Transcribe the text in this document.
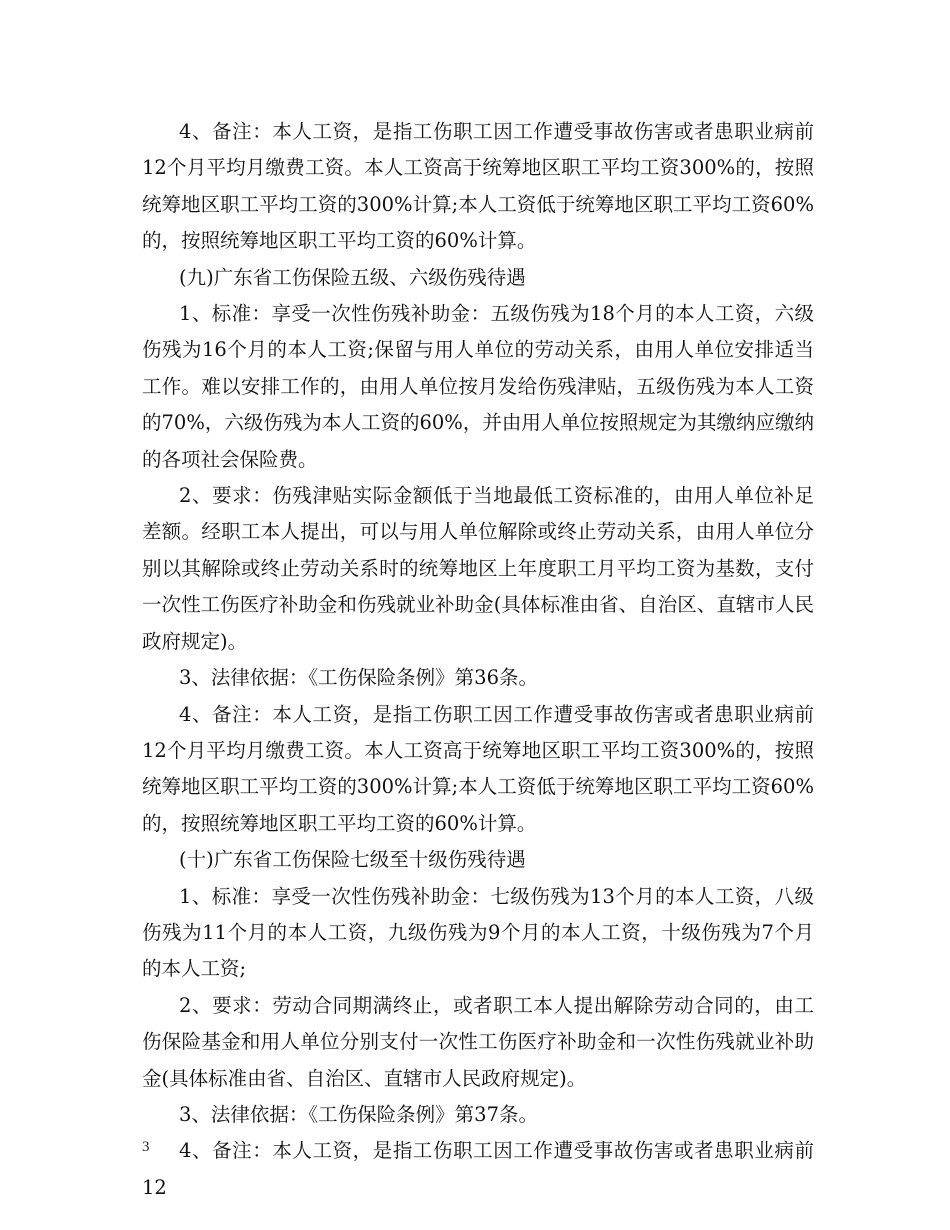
4、备注：本人工资，是指工伤职工因工作遭受事故伤害或者患职业病前12个月平均月缴费工资。本人工资高于统筹地区职工平均工资300%的，按照统筹地区职工平均工资的300%计算;本人工资低于统筹地区职工平均工资60%的，按照统筹地区职工平均工资的60%计算。

(九)广东省工伤保险五级、六级伤残待遇

1、标准：享受一次性伤残补助金：五级伤残为18个月的本人工资，六级伤残为16个月的本人工资;保留与用人单位的劳动关系，由用人单位安排适当工作。难以安排工作的，由用人单位按月发给伤残津贴，五级伤残为本人工资的70%，六级伤残为本人工资的60%，并由用人单位按照规定为其缴纳应缴纳的各项社会保险费。

2、要求：伤残津贴实际金额低于当地最低工资标准的，由用人单位补足差额。经职工本人提出，可以与用人单位解除或终止劳动关系，由用人单位分别以其解除或终止劳动关系时的统筹地区上年度职工月平均工资为基数，支付一次性工伤医疗补助金和伤残就业补助金(具体标准由省、自治区、直辖市人民政府规定)。

3、法律依据：《工伤保险条例》第36条。

4、备注：本人工资，是指工伤职工因工作遭受事故伤害或者患职业病前12个月平均月缴费工资。本人工资高于统筹地区职工平均工资300%的，按照统筹地区职工平均工资的300%计算;本人工资低于统筹地区职工平均工资60%的，按照统筹地区职工平均工资的60%计算。

(十)广东省工伤保险七级至十级伤残待遇

1、标准：享受一次性伤残补助金：七级伤残为13个月的本人工资，八级伤残为11个月的本人工资，九级伤残为9个月的本人工资，十级伤残为7个月的本人工资;

2、要求：劳动合同期满终止，或者职工本人提出解除劳动合同的，由工伤保险基金和用人单位分别支付一次性工伤医疗补助金和一次性伤残就业补助金(具体标准由省、自治区、直辖市人民政府规定)。

3、法律依据：《工伤保险条例》第37条。

4、备注：本人工资，是指工伤职工因工作遭受事故伤害或者患职业病前12

3
